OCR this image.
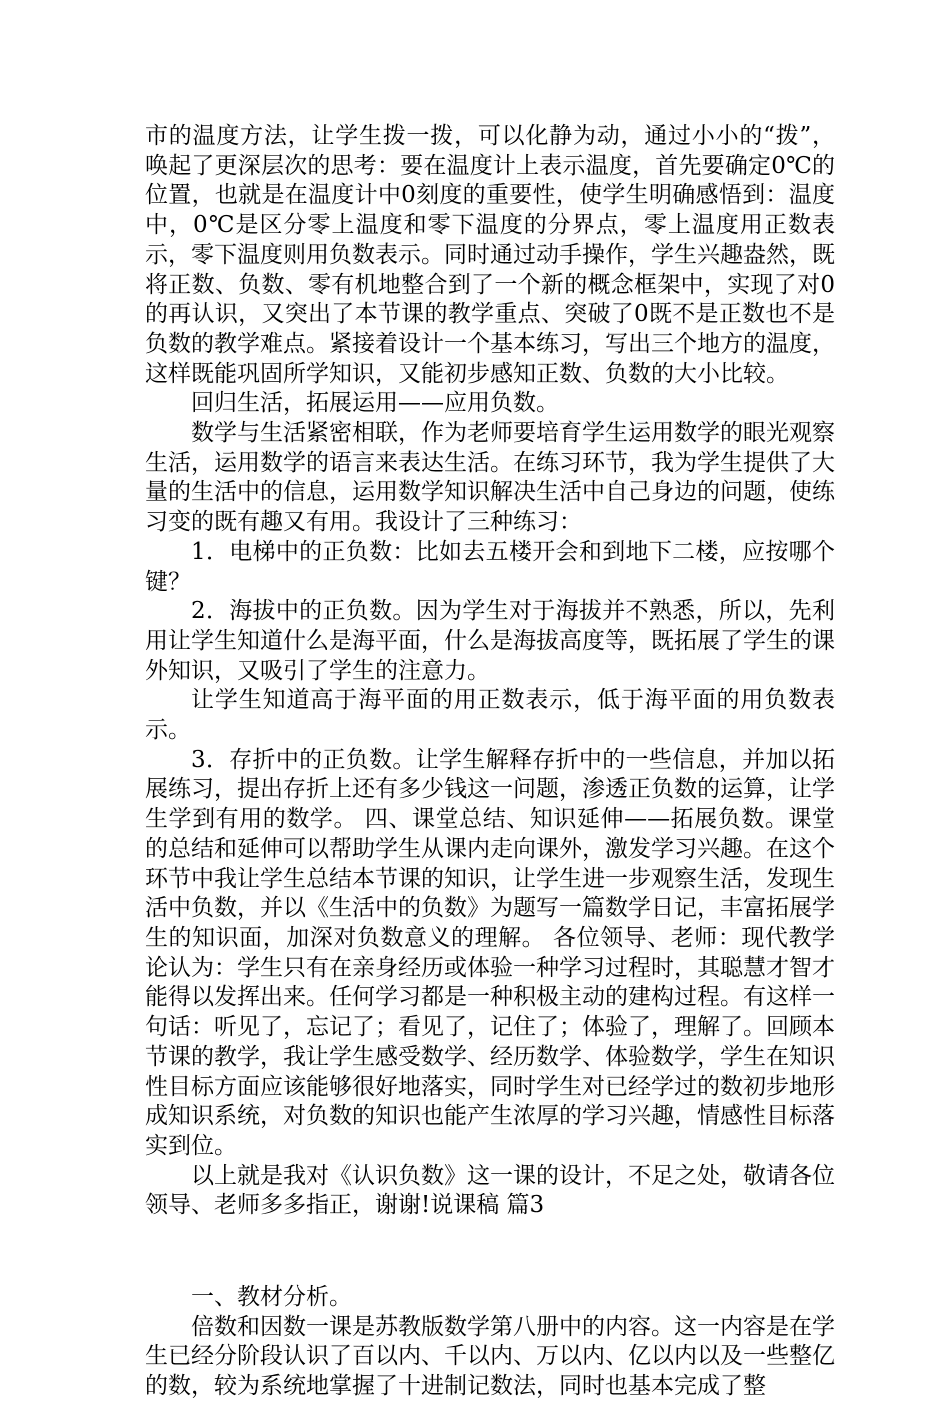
市的温度方法，让学生拨一拨，可以化静为动，通过小小的“拨”，唤起了更深层次的思考：要在温度计上表示温度，首先要确定0℃的位置，也就是在温度计中0刻度的重要性，使学生明确感悟到：温度中，0℃是区分零上温度和零下温度的分界点，零上温度用正数表示，零下温度则用负数表示。同时通过动手操作，学生兴趣盎然，既将正数、负数、零有机地整合到了一个新的概念框架中，实现了对0的再认识，又突出了本节课的教学重点、突破了0既不是正数也不是负数的教学难点。紧接着设计一个基本练习，写出三个地方的温度，这样既能巩固所学知识，又能初步感知正数、负数的大小比较。

回归生活，拓展运用——应用负数。

数学与生活紧密相联，作为老师要培育学生运用数学的眼光观察生活，运用数学的语言来表达生活。在练习环节，我为学生提供了大量的生活中的信息，运用数学知识解决生活中自己身边的问题，使练习变的既有趣又有用。我设计了三种练习：

1．电梯中的正负数：比如去五楼开会和到地下二楼，应按哪个键？

2．海拔中的正负数。因为学生对于海拔并不熟悉，所以，先利用让学生知道什么是海平面，什么是海拔高度等，既拓展了学生的课外知识，又吸引了学生的注意力。

让学生知道高于海平面的用正数表示，低于海平面的用负数表示。

3．存折中的正负数。让学生解释存折中的一些信息，并加以拓展练习，提出存折上还有多少钱这一问题，渗透正负数的运算，让学生学到有用的数学。 四、课堂总结、知识延伸——拓展负数。课堂的总结和延伸可以帮助学生从课内走向课外，激发学习兴趣。在这个环节中我让学生总结本节课的知识，让学生进一步观察生活，发现生活中负数，并以《生活中的负数》为题写一篇数学日记，丰富拓展学生的知识面，加深对负数意义的理解。 各位领导、老师：现代教学论认为：学生只有在亲身经历或体验一种学习过程时，其聪慧才智才能得以发挥出来。任何学习都是一种积极主动的建构过程。有这样一句话：听见了，忘记了；看见了，记住了；体验了，理解了。回顾本节课的教学，我让学生感受数学、经历数学、体验数学，学生在知识性目标方面应该能够很好地落实，同时学生对已经学过的数初步地形成知识系统，对负数的知识也能产生浓厚的学习兴趣，情感性目标落实到位。

以上就是我对《认识负数》这一课的设计，不足之处，敬请各位领导、老师多多指正，谢谢!说课稿 篇3

一、教材分析。

倍数和因数一课是苏教版数学第八册中的内容。这一内容是在学生已经分阶段认识了百以内、千以内、万以内、亿以内以及一些整亿的数，较为系统地掌握了十进制记数法，同时也基本完成了整
